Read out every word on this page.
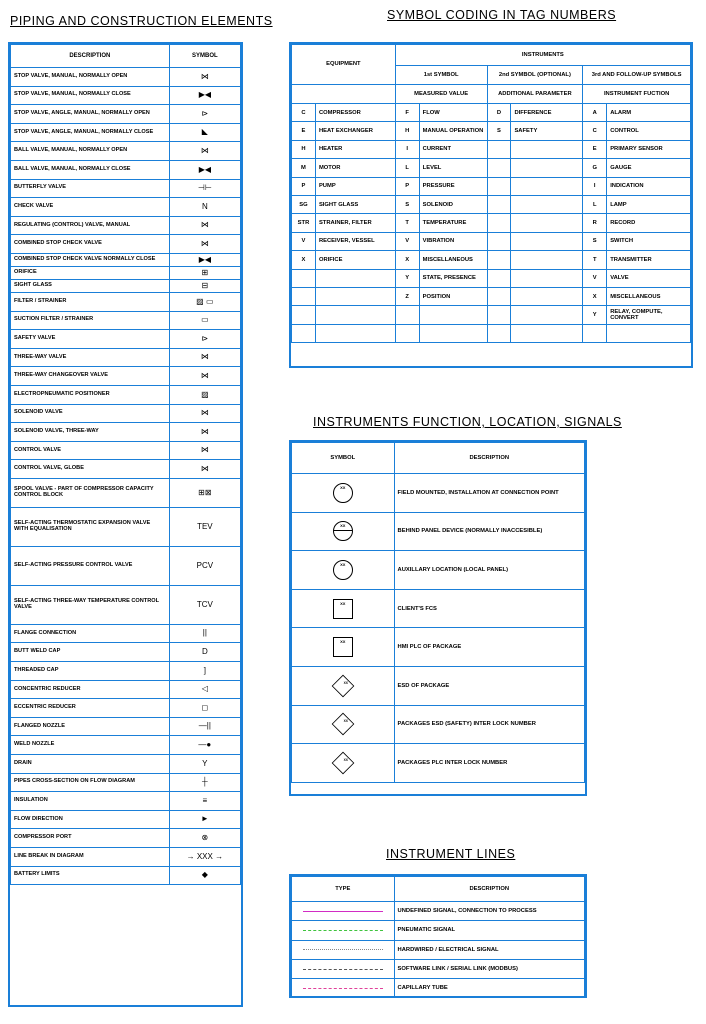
PIPING AND CONSTRUCTION ELEMENTS	SYMBOL CODING IN TAG NUMBERS
INSTRUMENTS FUNCTION, LOCATION, SIGNALS
INSTRUMENT LINES
DESCRIPTION	SYMBOL
STOP VALVE, MANUAL, NORMALLY OPEN	⋈
STOP VALVE, MANUAL, NORMALLY CLOSE	▶◀
STOP VALVE, ANGLE, MANUAL, NORMALLY OPEN	⊳
STOP VALVE, ANGLE, MANUAL, NORMALLY CLOSE	◣
BALL VALVE, MANUAL, NORMALLY OPEN	⋈
BALL VALVE, MANUAL, NORMALLY CLOSE	▶◀
BUTTERFLY VALVE	⊣⊢
CHECK VALVE	N
REGULATING (CONTROL) VALVE, MANUAL	⋈
COMBINED STOP CHECK VALVE	⋈
COMBINED STOP CHECK VALVE NORMALLY CLOSE	▶◀
ORIFICE	⊞
SIGHT GLASS	⊟
FILTER / STRAINER	▨ ▭
SUCTION FILTER / STRAINER	▭
SAFETY VALVE	⊳
THREE-WAY VALVE	⋈
THREE-WAY CHANGEOVER VALVE	⋈
ELECTROPNEUMATIC POSITIONER	▨
SOLENOID VALVE	⋈
SOLENOID VALVE, THREE-WAY	⋈
CONTROL VALVE	⋈
CONTROL VALVE, GLOBE	⋈
SPOOL VALVE - PART OF COMPRESSOR CAPACITY CONTROL BLOCK	⊞⊠
SELF-ACTING THERMOSTATIC EXPANSION VALVE WITH EQUALISATION	TEV
SELF-ACTING PRESSURE CONTROL VALVE	PCV
SELF-ACTING THREE-WAY TEMPERATURE CONTROL VALVE	TCV
FLANGE CONNECTION	||
BUTT WELD CAP	D
THREADED CAP	]
CONCENTRIC REDUCER	◁
ECCENTRIC REDUCER	◻
FLANGED NOZZLE	—||
WELD NOZZLE	—●
DRAIN	Y
PIPES CROSS-SECTION ON FLOW DIAGRAM	┼
INSULATION	≡
FLOW DIRECTION	►
COMPRESSOR PORT	⊗
LINE BREAK IN DIAGRAM	→ XXX →
BATTERY LIMITS	◆
EQUIPMENT		INSTRUMENTS					
		1st SYMBOL		2nd SYMBOL (OPTIONAL)		3rd AND FOLLOW-UP SYMBOLS	
		MEASURED VALUE		ADDITIONAL PARAMETER		INSTRUMENT FUCTION	
C	COMPRESSOR	F	FLOW	D	DIFFERENCE	A	ALARM
E	HEAT EXCHANGER	H	MANUAL OPERATION	S	SAFETY	C	CONTROL
H	HEATER	I	CURRENT			E	PRIMARY SENSOR
M	MOTOR	L	LEVEL			G	GAUGE
P	PUMP	P	PRESSURE			I	INDICATION
SG	SIGHT GLASS	S	SOLENOID			L	LAMP
STR	STRAINER, FILTER	T	TEMPERATURE			R	RECORD
V	RECEIVER, VESSEL	V	VIBRATION			S	SWITCH
X	ORIFICE	X	MISCELLANEOUS			T	TRANSMITTER
		Y	STATE, PRESENCE			V	VALVE
		Z	POSITION			X	MISCELLANEOUS
						Y	RELAY, COMPUTE, CONVERT

SYMBOL	DESCRIPTION

XX	FIELD MOUNTED, INSTALLATION AT CONNECTION POINT

XX	BEHIND PANEL DEVICE (NORMALLY INACCESIBLE)

XX	AUXILLARY LOCATION (LOCAL PANEL)

XX	CLIENT'S FCS

XX	HMI PLC OF PACKAGE

XX	ESD OF PACKAGE

XX	PACKAGES ESD (SAFETY) INTER LOCK NUMBER

XX	PACKAGES PLC INTER LOCK NUMBER
TYPE	DESCRIPTION

	UNDEFINED SIGNAL, CONNECTION TO PROCESS

	PNEUMATIC SIGNAL

	HARDWIRED / ELECTRICAL SIGNAL

	SOFTWARE LINK / SERIAL LINK (MODBUS)

	CAPILLARY TUBE
